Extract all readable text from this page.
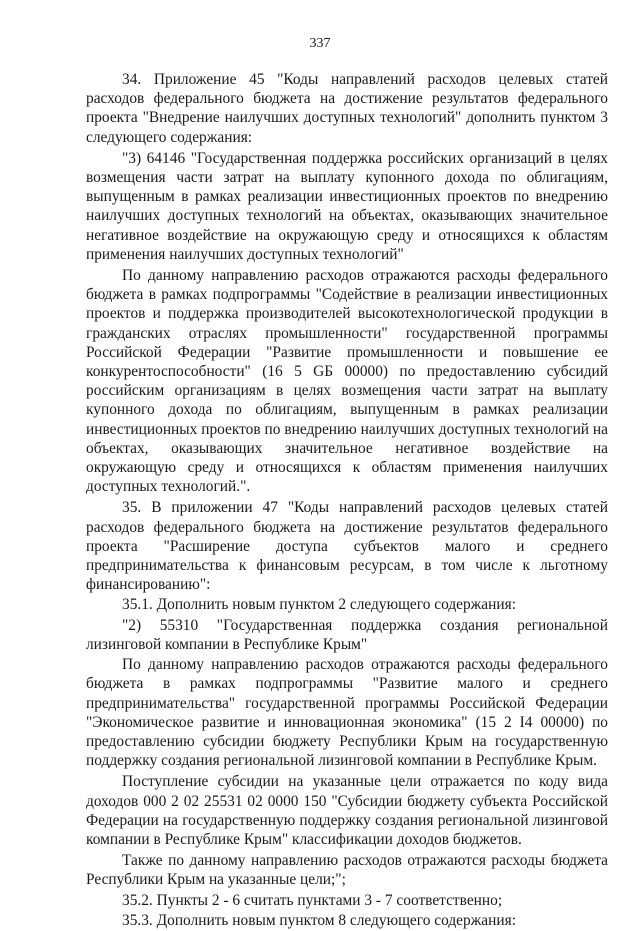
337

34. Приложение 45 "Коды направлений расходов целевых статей расходов федерального бюджета на достижение результатов федерального проекта "Внедрение наилучших доступных технологий" дополнить пунктом 3 следующего содержания:

"3) 64146 "Государственная поддержка российских организаций в целях возмещения части затрат на выплату купонного дохода по облигациям, выпущенным в рамках реализации инвестиционных проектов по внедрению наилучших доступных технологий на объектах, оказывающих значительное негативное воздействие на окружающую среду и относящихся к областям применения наилучших доступных технологий"

По данному направлению расходов отражаются расходы федерального бюджета в рамках подпрограммы "Содействие в реализации инвестиционных проектов и поддержка производителей высокотехнологической продукции в гражданских отраслях промышленности" государственной программы Российской Федерации "Развитие промышленности и повышение ее конкурентоспособности" (16 5 GБ 00000) по предоставлению субсидий российским организациям в целях возмещения части затрат на выплату купонного дохода по облигациям, выпущенным в рамках реализации инвестиционных проектов по внедрению наилучших доступных технологий на объектах, оказывающих значительное негативное воздействие на окружающую среду и относящихся к областям применения наилучших доступных технологий.".

35. В приложении 47 "Коды направлений расходов целевых статей расходов федерального бюджета на достижение результатов федерального проекта "Расширение доступа субъектов малого и среднего предпринимательства к финансовым ресурсам, в том числе к льготному финансированию":

35.1. Дополнить новым пунктом 2 следующего содержания:

"2) 55310 "Государственная поддержка создания региональной лизинговой компании в Республике Крым"

По данному направлению расходов отражаются расходы федерального бюджета в рамках подпрограммы "Развитие малого и среднего предпринимательства" государственной программы Российской Федерации "Экономическое развитие и инновационная экономика" (15 2 I4 00000) по предоставлению субсидии бюджету Республики Крым на государственную поддержку создания региональной лизинговой компании в Республике Крым.

Поступление субсидии на указанные цели отражается по коду вида доходов 000 2 02 25531 02 0000 150 "Субсидии бюджету субъекта Российской Федерации на государственную поддержку создания региональной лизинговой компании в Республике Крым" классификации доходов бюджетов.

Также по данному направлению расходов отражаются расходы бюджета Республики Крым на указанные цели;";

35.2. Пункты 2 - 6 считать пунктами 3 - 7 соответственно;

35.3. Дополнить новым пунктом 8 следующего содержания:
